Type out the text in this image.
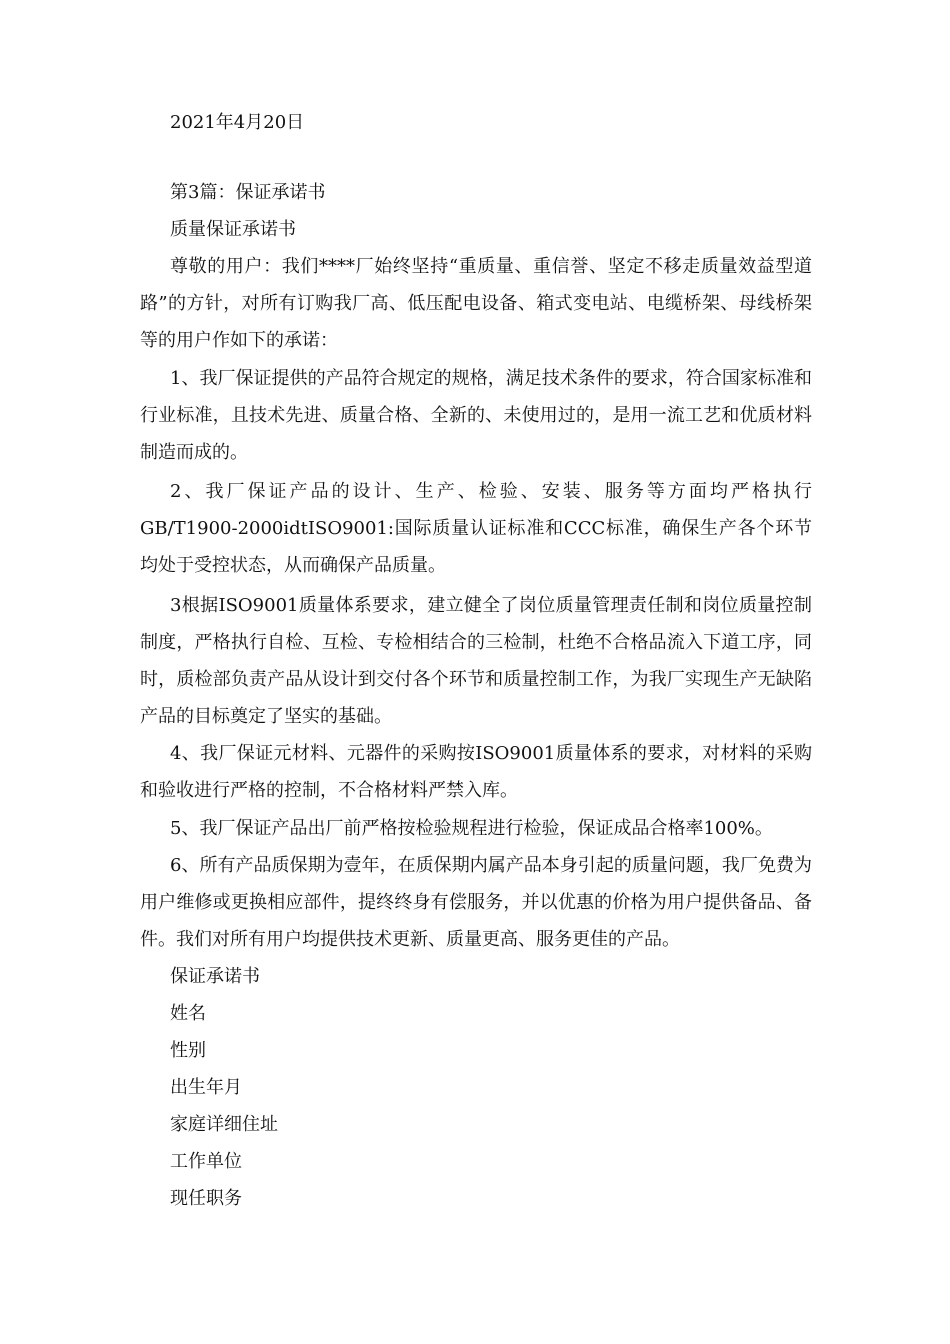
2021年4月20日
第3篇：保证承诺书
质量保证承诺书
尊敬的用户：我们****厂始终坚持“重质量、重信誉、坚定不移走质量效益型道路”的方针，对所有订购我厂高、低压配电设备、箱式变电站、电缆桥架、母线桥架等的用户作如下的承诺：
1、我厂保证提供的产品符合规定的规格，满足技术条件的要求，符合国家标准和行业标准，且技术先进、质量合格、全新的、未使用过的，是用一流工艺和优质材料制造而成的。
2、我厂保证产品的设计、生产、检验、安装、服务等方面均严格执行GB/T1900-2000idtISO9001:国际质量认证标准和CCC标准，确保生产各个环节均处于受控状态，从而确保产品质量。
3根据ISO9001质量体系要求，建立健全了岗位质量管理责任制和岗位质量控制制度，严格执行自检、互检、专检相结合的三检制，杜绝不合格品流入下道工序，同时，质检部负责产品从设计到交付各个环节和质量控制工作，为我厂实现生产无缺陷产品的目标奠定了坚实的基础。
4、我厂保证元材料、元器件的采购按ISO9001质量体系的要求，对材料的采购和验收进行严格的控制，不合格材料严禁入库。
5、我厂保证产品出厂前严格按检验规程进行检验，保证成品合格率100%。
6、所有产品质保期为壹年，在质保期内属产品本身引起的质量问题，我厂免费为用户维修或更换相应部件，提终终身有偿服务，并以优惠的价格为用户提供备品、备件。我们对所有用户均提供技术更新、质量更高、服务更佳的产品。
保证承诺书
姓名
性别
出生年月
家庭详细住址
工作单位
现任职务
